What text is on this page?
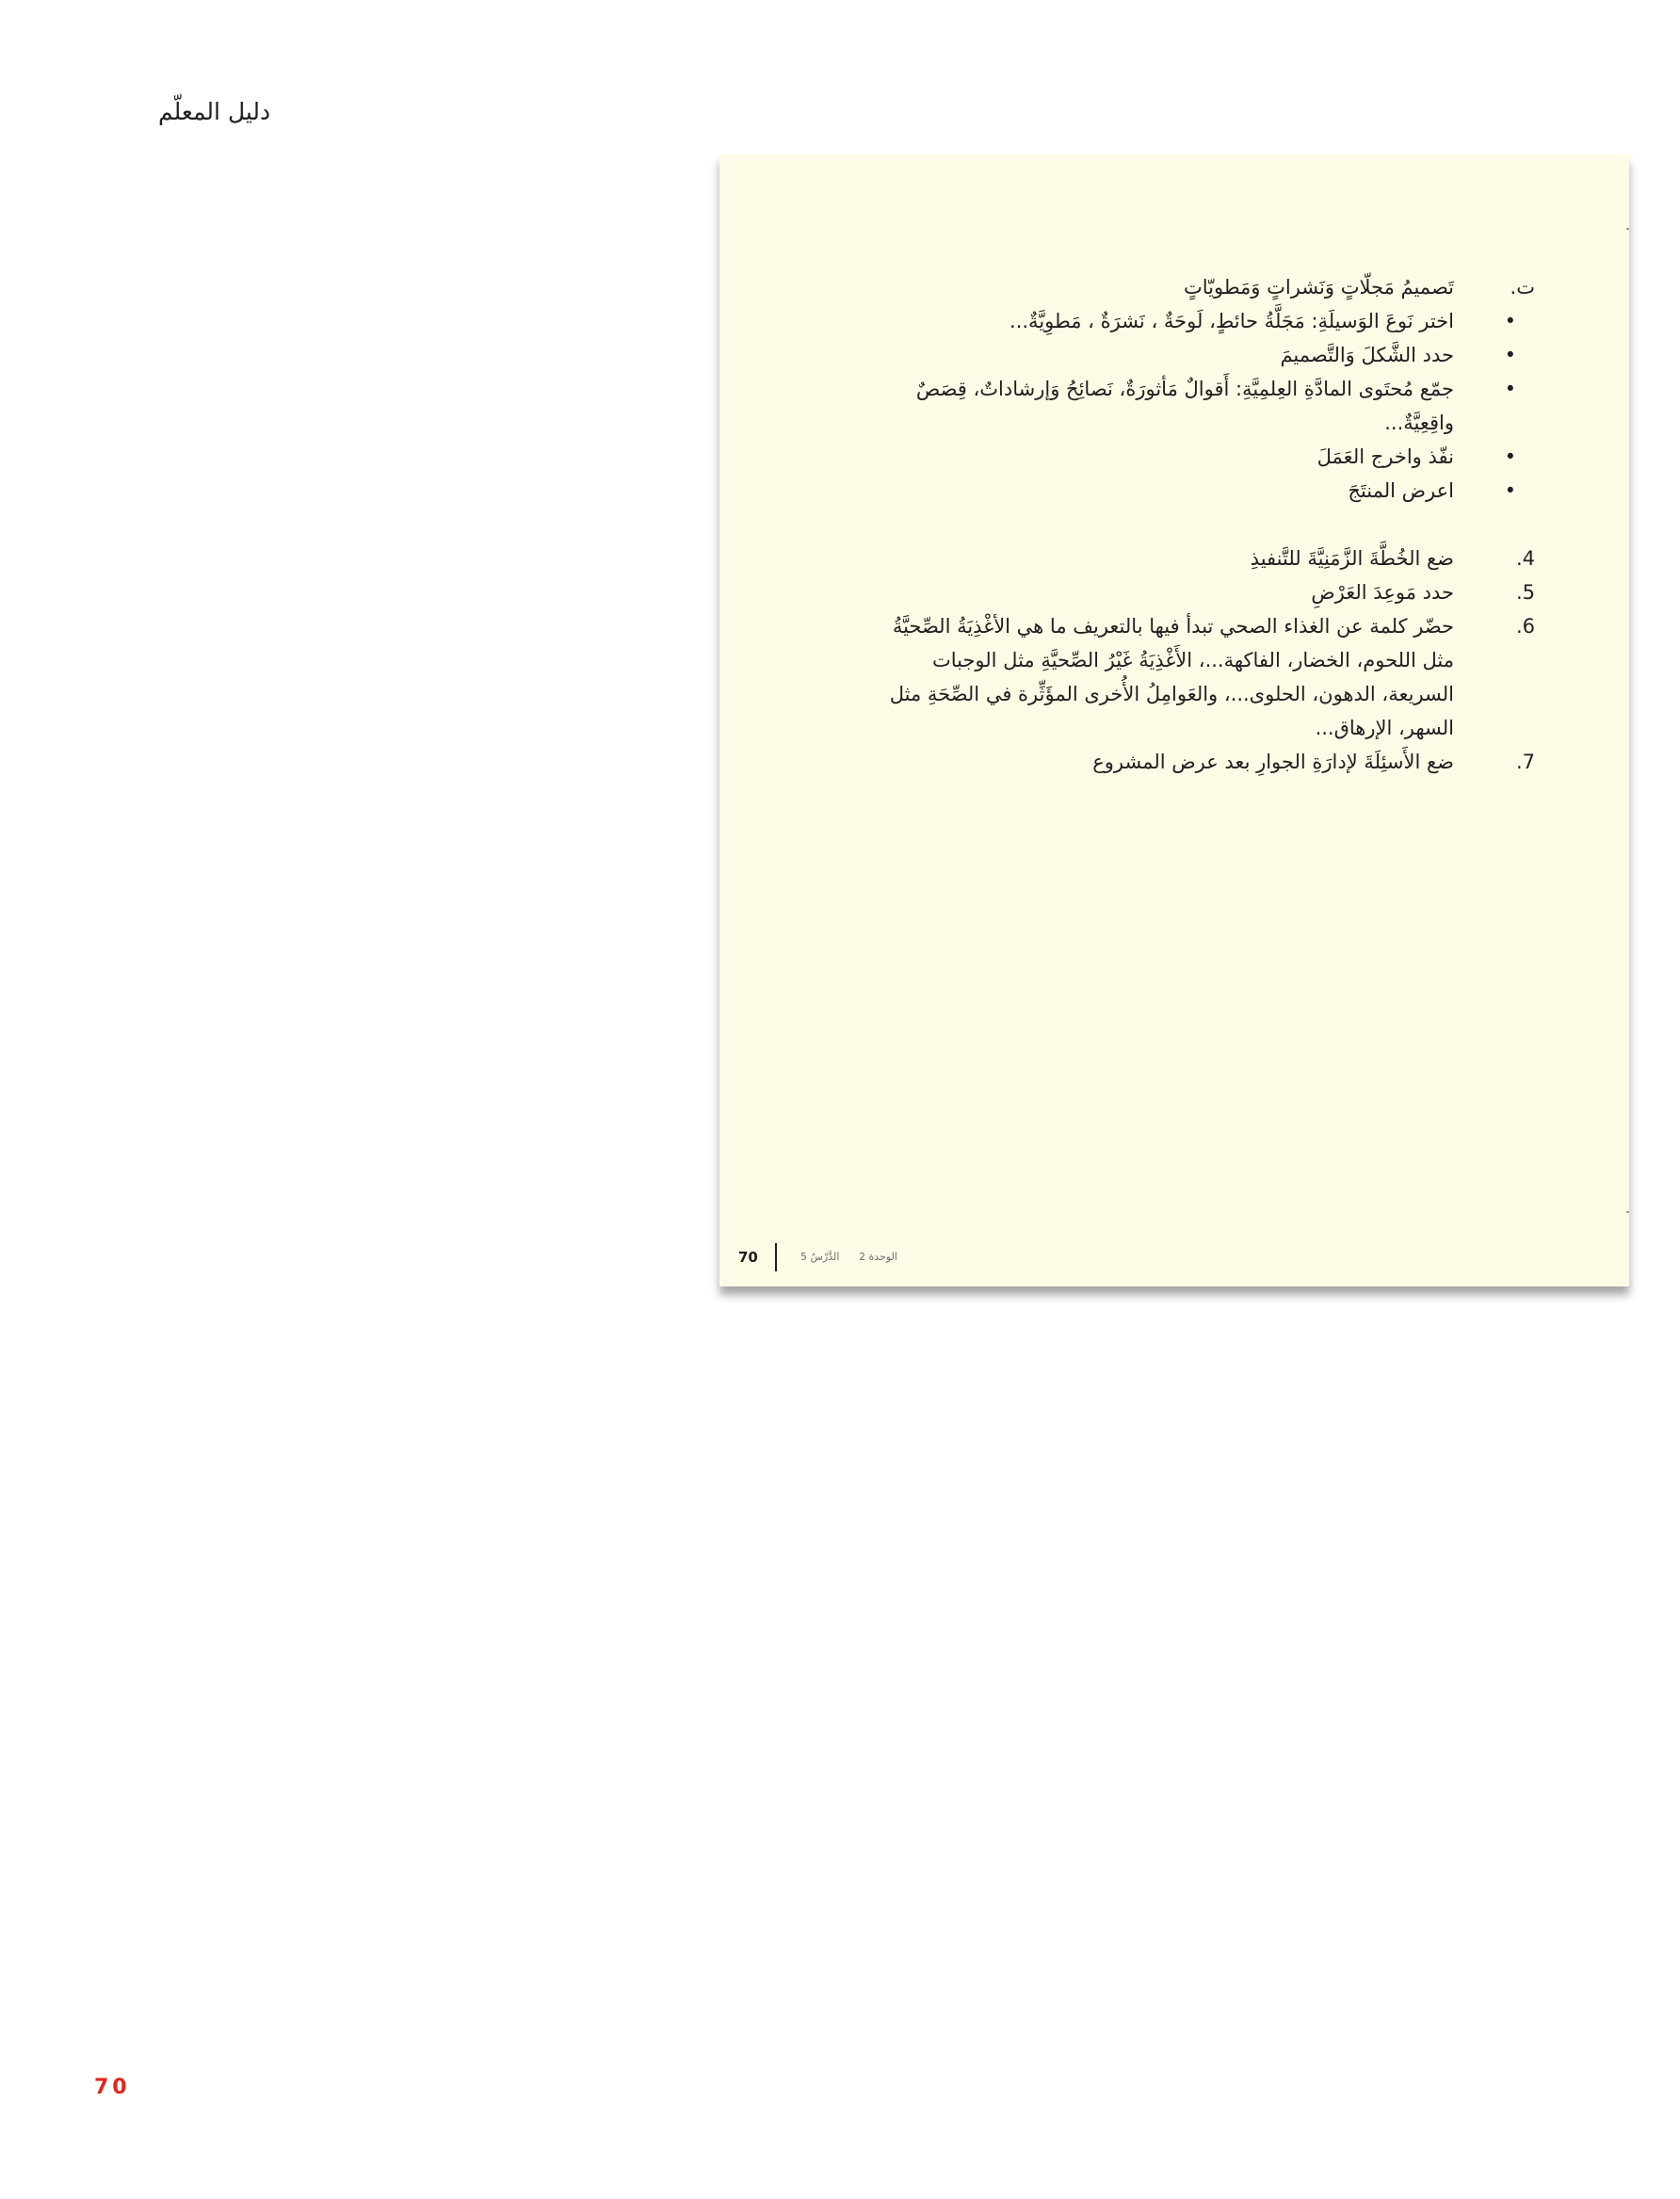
دليل المعلّم
ت.
تَصميمُ مَجلّاتٍ وَنَشراتٍ وَمَطويّاتٍ
•
اختر نَوعَ الوَسيلَةِ: مَجَلَّةُ حائطٍ، لَوحَةٌ ، نَشرَةٌ ، مَطوِيَّةٌ...
•
حدد الشَّكلَ وَالتَّصميمَ
•
جمّع مُحتَوى المادَّةِ العِلمِيَّةِ: أَقوالٌ مَأثورَةٌ، نَصائِحُ وَإرشاداتٌ، قِصَصٌ
واقِعِيَّةٌ...
•
نفّذ واخرج العَمَلَ
•
اعرض المنتَجَ
4.
ضع الخُطَّةَ الزَّمَنِيَّةَ للتَّنفيذِ
5.
حدد مَوعِدَ العَرْضِ
6.
حضّر كلمة عن الغذاء الصحي تبدأ فيها بالتعريف ما هي الأغْذِيَةُ الصِّحيَّةُ
مثل اللحوم، الخضار، الفاكهة...، الأَغْذِيَةُ غَيْرُ الصِّحيَّةِ مثل الوجبات
السريعة، الدهون، الحلوى...، والعَوامِلُ الأُخرى المؤَثِّرة في الصِّحَةِ مثل
السهر، الإرهاق...
7.
ضع الأَسئِلَةَ لإدارَةِ الجوارِ بعد عرض المشروع
70	الدَّرْسُ 5 الوحدة 2
70
